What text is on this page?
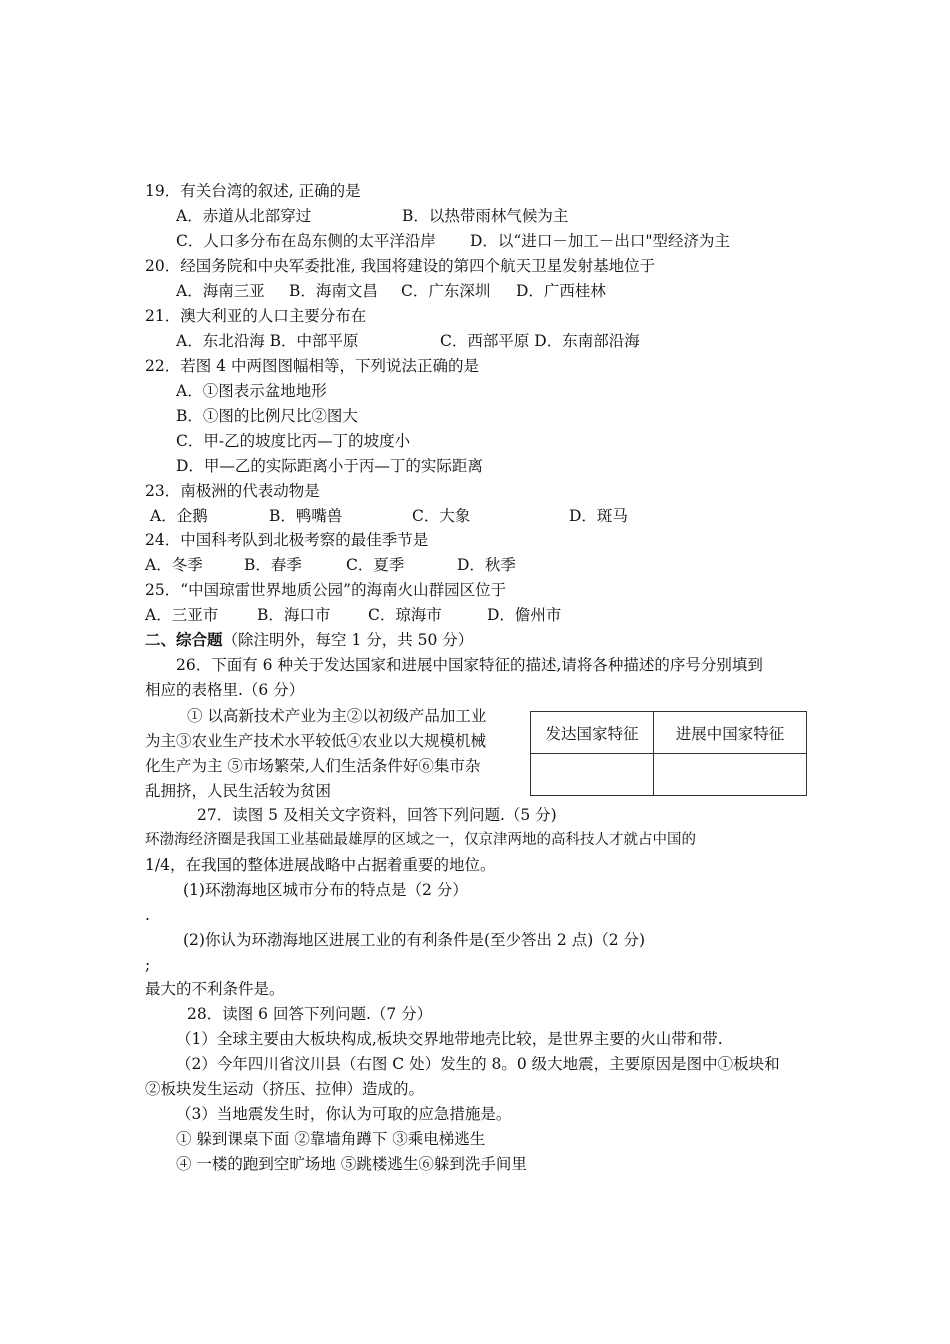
19．有关台湾的叙述, 正确的是
A．赤道从北部穿过	B．以热带雨林气候为主
C．人口多分布在岛东侧的太平洋沿岸 D．以“进口－加工－出口"型经济为主
20．经国务院和中央军委批准, 我国将建设的第四个航天卫星发射基地位于
A．海南三亚 B．海南文昌 C．广东深圳 D．广西桂林
21．澳大利亚的人口主要分布在
A．东北沿海 B．中部平原	C．西部平原 D．东南部沿海
22．若图 4 中两图图幅相等，下列说法正确的是
A．①图表示盆地地形
B．①图的比例尺比②图大
C．甲-乙的坡度比丙—丁的坡度小
D．甲—乙的实际距离小于丙—丁的实际距离
23．南极洲的代表动物是
A．企鹅	B．鸭嘴兽	C．大象	D．斑马
24．中国科考队到北极考察的最佳季节是
A．冬季	B．春季	C．夏季	D．秋季
25．“中国琼雷世界地质公园”的海南火山群园区位于
A．三亚市	B．海口市 C．琼海市	D．儋州市
二、综合题（除注明外，每空 1 分，共 50 分）
26．下面有 6 种关于发达国家和进展中国家特征的描述,请将各种描述的序号分别填到
相应的表格里.（6 分）
① 以高新技术产业为主②以初级产品加工业
为主③农业生产技术水平较低④农业以大规模机械
化生产为主 ⑤市场繁荣,人们生活条件好⑥集市杂
乱拥挤，人民生活较为贫困
发达国家特征	进展中国家特征

27．读图 5 及相关文字资料，回答下列问题.（5 分)
环渤海经济圈是我国工业基础最雄厚的区域之一，仅京津两地的高科技人才就占中国的
1/4，在我国的整体进展战略中占据着重要的地位。
(1)环渤海地区城市分布的特点是（2 分）
.
(2)你认为环渤海地区进展工业的有利条件是(至少答出 2 点)（2 分)
;
最大的不利条件是。
28．读图 6 回答下列问题.（7 分）
（1）全球主要由大板块构成,板块交界地带地壳比较，是世界主要的火山带和带.
（2）今年四川省汶川县（右图 C 处）发生的 8。0 级大地震，主要原因是图中①板块和
②板块发生运动（挤压、拉伸）造成的。
（3）当地震发生时，你认为可取的应急措施是。
① 躲到课桌下面 ②靠墙角蹲下 ③乘电梯逃生
④ 一楼的跑到空旷场地 ⑤跳楼逃生⑥躲到洗手间里
